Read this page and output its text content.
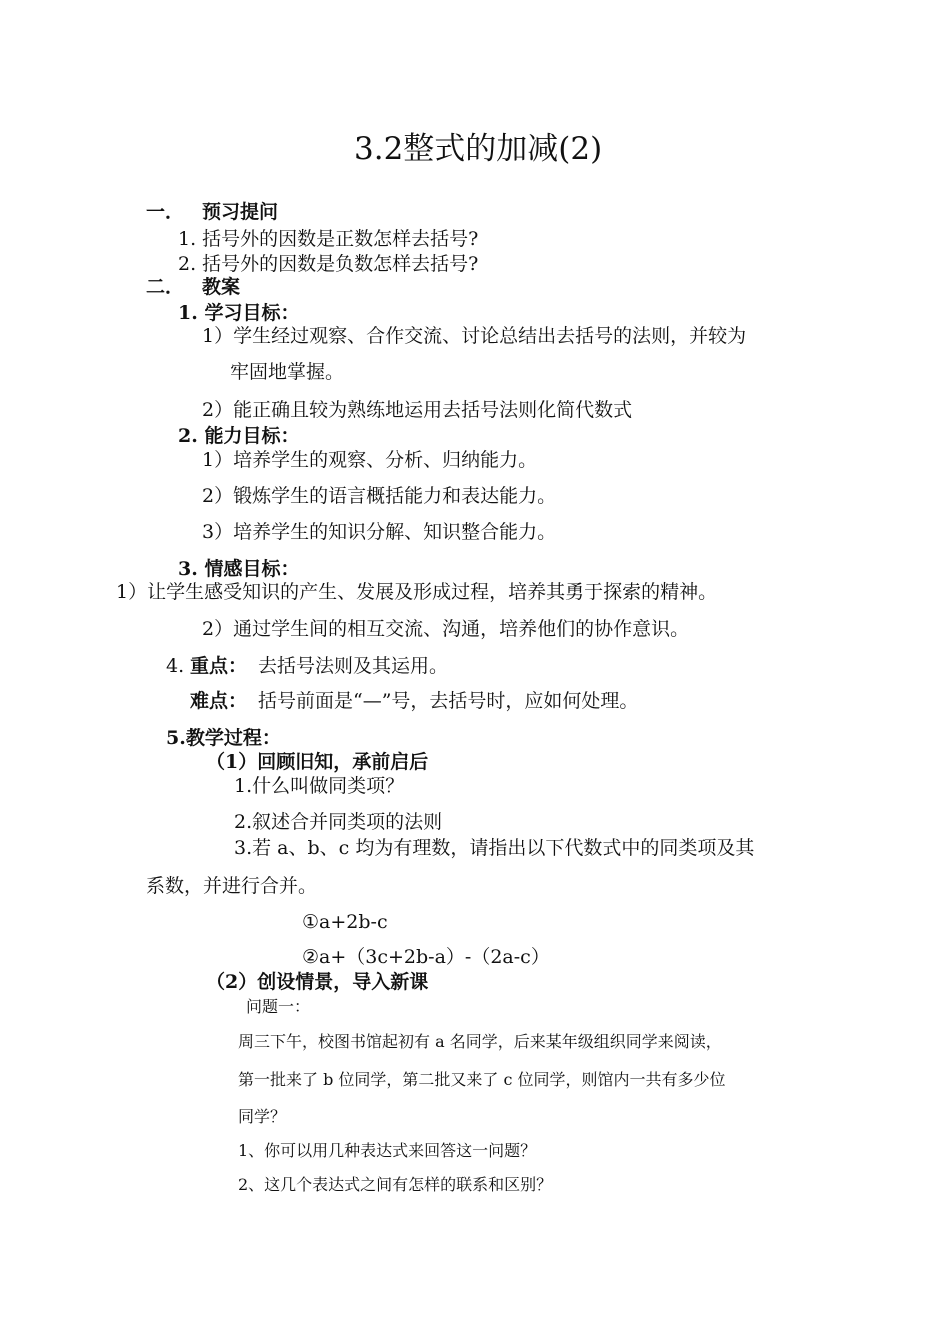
3.2整式的加减(2)
一． 预习提问
1. 括号外的因数是正数怎样去括号?
2. 括号外的因数是负数怎样去括号?
二． 教案
1. 学习目标：
1）学生经过观察、合作交流、讨论总结出去括号的法则，并较为
牢固地掌握。
2）能正确且较为熟练地运用去括号法则化简代数式
2. 能力目标：
1）培养学生的观察、分析、归纳能力。
2）锻炼学生的语言概括能力和表达能力。
3）培养学生的知识分解、知识整合能力。
3. 情感目标：
1）让学生感受知识的产生、发展及形成过程，培养其勇于探索的精神。
2）通过学生间的相互交流、沟通，培养他们的协作意识。
4. 重点： 去括号法则及其运用。
难点： 括号前面是“—”号，去括号时，应如何处理。
5.教学过程：
（1）回顾旧知，承前启后
1.什么叫做同类项？
2.叙述合并同类项的法则
3.若 a、b、c 均为有理数，请指出以下代数式中的同类项及其
系数，并进行合并。
①a+2b-c
②a+（3c+2b-a）-（2a-c）
（2）创设情景，导入新课
问题一：
周三下午，校图书馆起初有 a 名同学，后来某年级组织同学来阅读，
第一批来了 b 位同学，第二批又来了 c 位同学，则馆内一共有多少位
同学？
1、你可以用几种表达式来回答这一问题？
2、这几个表达式之间有怎样的联系和区别？
